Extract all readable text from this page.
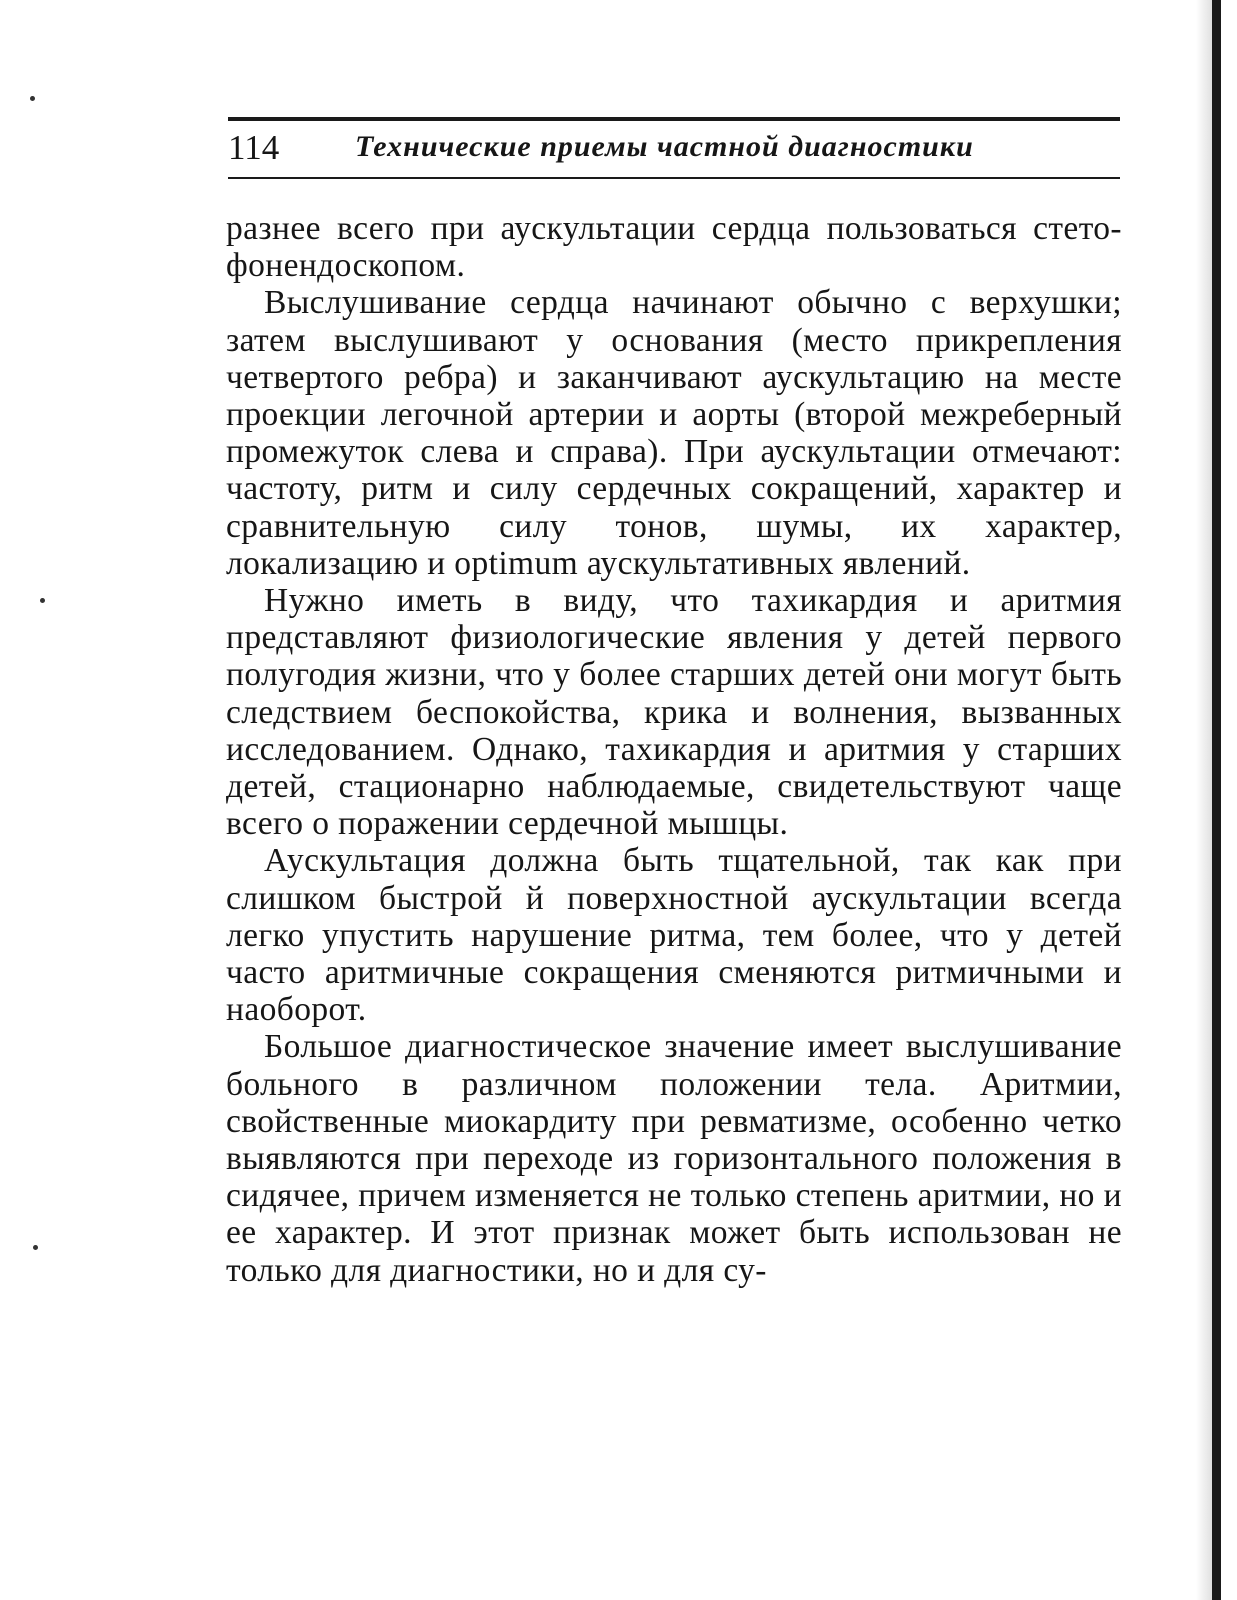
114	Технические приемы частной диагностики

разнее всего при аускультации сердца пользоваться стето-фонендоскопом.

Выслушивание сердца начинают обычно с верхушки; затем выслушивают у основания (место прикрепления четвертого ребра) и заканчивают аускультацию на месте проекции легочной артерии и аорты (второй межреберный промежуток слева и справа). При аускультации отмечают: частоту, ритм и силу сердечных сокращений, характер и сравнительную силу тонов, шумы, их характер, локализацию и optimum аускультативных явлений.

Нужно иметь в виду, что тахикардия и аритмия представляют физиологические явления у детей первого полугодия жизни, что у более старших детей они могут быть следствием беспокойства, крика и волнения, вызванных исследованием. Однако, тахикардия и аритмия у старших детей, стационарно наблюдаемые, свидетельствуют чаще всего о поражении сердечной мышцы.

Аускультация должна быть тщательной, так как при слишком быстрой й поверхностной аускультации всегда легко упустить нарушение ритма, тем более, что у детей часто аритмичные сокращения сменяются ритмичными и наоборот.

Большое диагностическое значение имеет выслушивание больного в различном положении тела. Аритмии, свойственные миокардиту при ревматизме, особенно четко выявляются при переходе из горизонтального положения в сидячее, причем изменяется не только степень аритмии, но и ее характер. И этот признак может быть использован не только для диагностики, но и для су-
